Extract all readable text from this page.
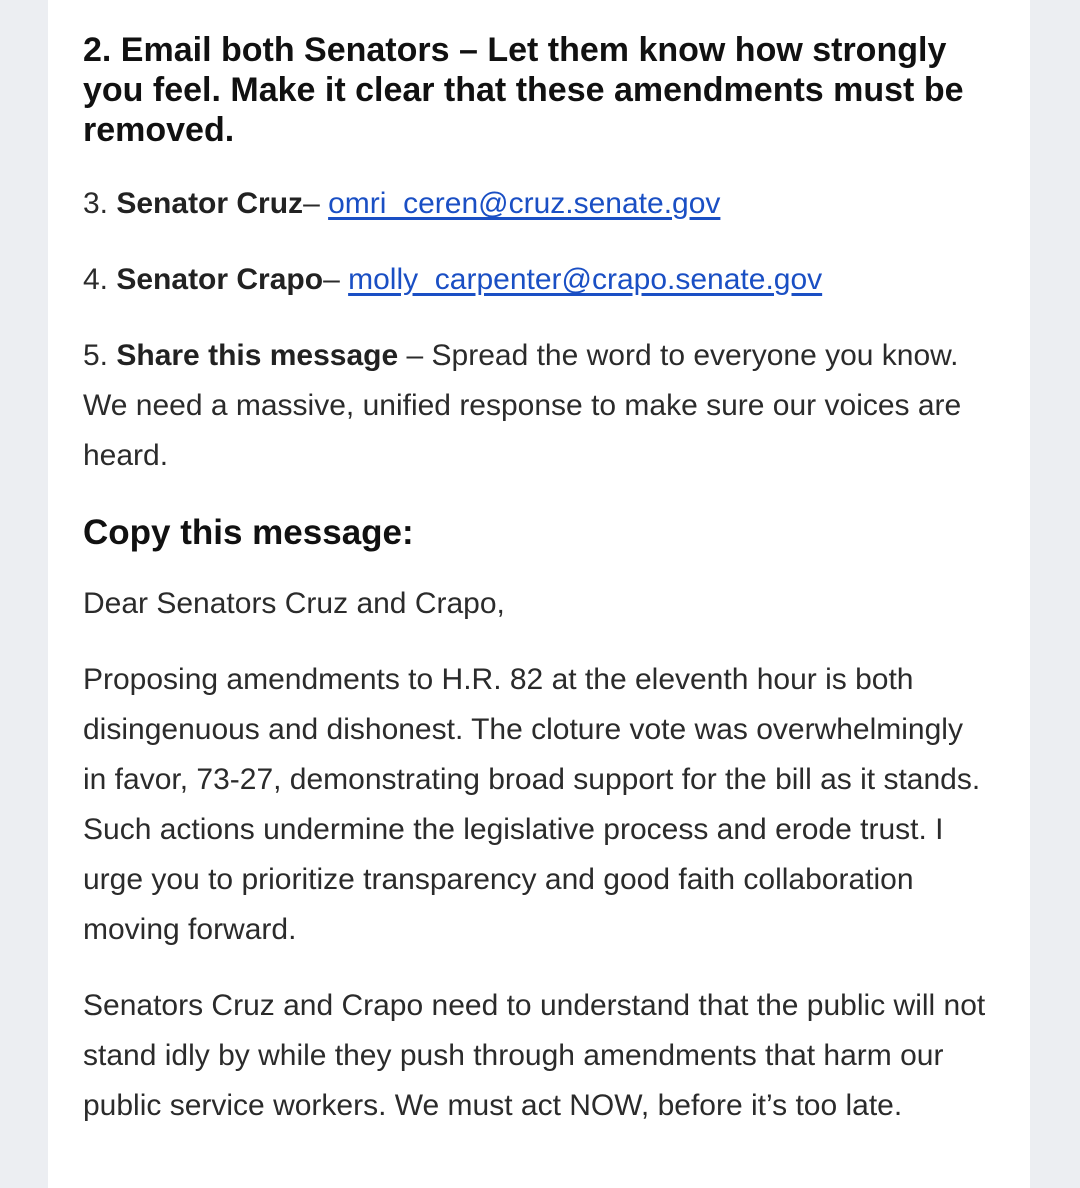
2. Email both Senators – Let them know how strongly you feel. Make it clear that these amendments must be removed.

3. Senator Cruz– omri_ceren@cruz.senate.gov

4. Senator Crapo– molly_carpenter@crapo.senate.gov

5. Share this message – Spread the word to everyone you know. We need a massive, unified response to make sure our voices are heard.

Copy this message:

Dear Senators Cruz and Crapo,

Proposing amendments to H.R. 82 at the eleventh hour is both disingenuous and dishonest. The cloture vote was overwhelmingly in favor, 73-27, demonstrating broad support for the bill as it stands. Such actions undermine the legislative process and erode trust. I urge you to prioritize transparency and good faith collaboration moving forward.

Senators Cruz and Crapo need to understand that the public will not stand idly by while they push through amendments that harm our public service workers. We must act NOW, before it’s too late.
